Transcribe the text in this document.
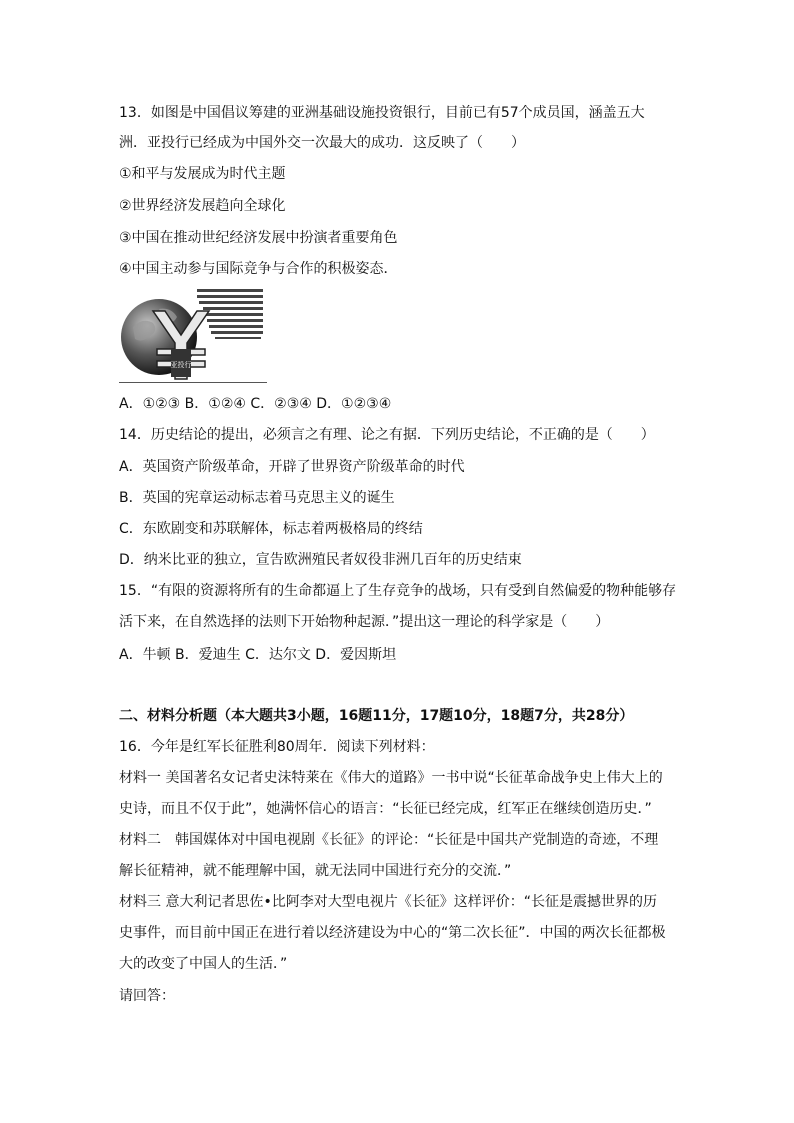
13．如图是中国倡议筹建的亚洲基础设施投资银行，目前已有57个成员国，涵盖五大
洲．亚投行已经成为中国外交一次最大的成功．这反映了（　　）
①和平与发展成为时代主题
②世界经济发展趋向全球化
③中国在推动世纪经济发展中扮演者重要角色
④中国主动参与国际竞争与合作的积极姿态．
亚投行
A．①②③ B．①②④ C．②③④ D．①②③④
14．历史结论的提出，必须言之有理、论之有据．下列历史结论，不正确的是（　　）
A．英国资产阶级革命，开辟了世界资产阶级革命的时代
B．英国的宪章运动标志着马克思主义的诞生
C．东欧剧变和苏联解体，标志着两极格局的终结
D．纳米比亚的独立，宣告欧洲殖民者奴役非洲几百年的历史结束
15．“有限的资源将所有的生命都逼上了生存竞争的战场，只有受到自然偏爱的物种能够存
活下来，在自然选择的法则下开始物种起源．”提出这一理论的科学家是（　　）
A．牛顿 B．爱迪生 C．达尔文 D．爱因斯坦
二、材料分析题（本大题共3小题，16题11分，17题10分，18题7分，共28分）
16．今年是红军长征胜利80周年．阅读下列材料：
材料一 美国著名女记者史沫特莱在《伟大的道路》一书中说“长征革命战争史上伟大上的
史诗，而且不仅于此”，她满怀信心的语言：“长征已经完成，红军正在继续创造历史．”
材料二　韩国媒体对中国电视剧《长征》的评论：“长征是中国共产党制造的奇迹，不理
解长征精神，就不能理解中国，就无法同中国进行充分的交流．”
材料三 意大利记者思佐•比阿李对大型电视片《长征》这样评价：“长征是震撼世界的历
史事件，而目前中国正在进行着以经济建设为中心的“第二次长征”．中国的两次长征都极
大的改变了中国人的生活．”
请回答：
